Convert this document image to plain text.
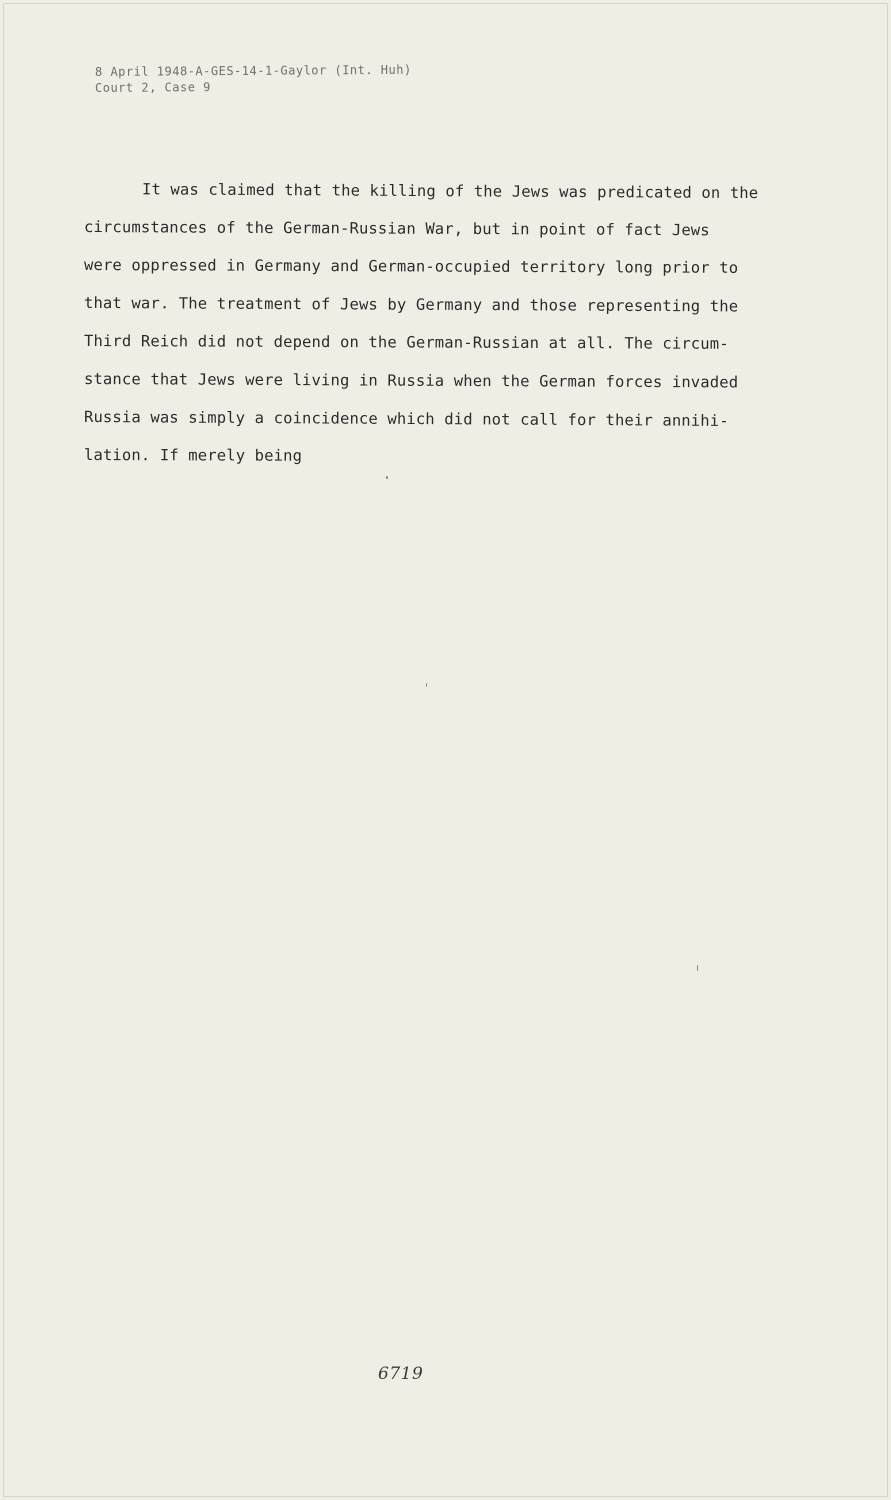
8 April 1948-A-GES-14-1-Gaylor (Int. Huh)
Court 2, Case 9
It was claimed that the killing of the Jews was predicated on the
circumstances of the German-Russian War, but in point of fact Jews
were oppressed in Germany and German-occupied territory long prior to
that war. The treatment of Jews by Germany and those representing the
Third Reich did not depend on the German-Russian at all. The circum-
stance that Jews were living in Russia when the German forces invaded
Russia was simply a coincidence which did not call for their annihi-
lation. If merely being
6719
